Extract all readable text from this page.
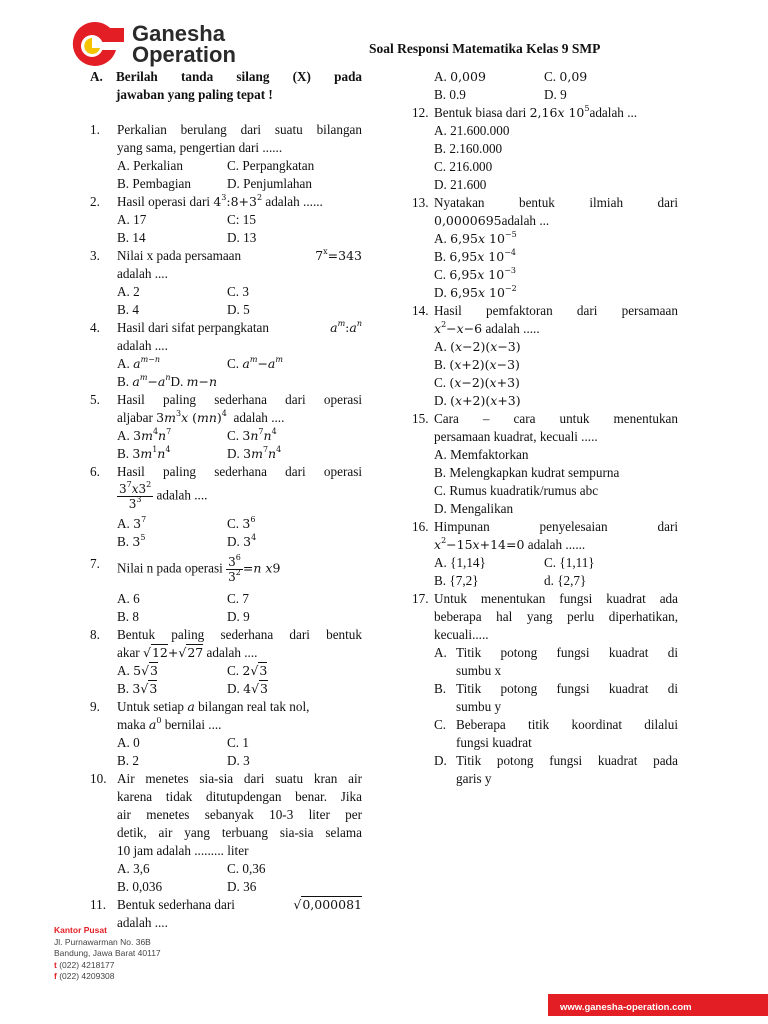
Ganesha
Operation	Soal Responsi Matematika Kelas 9 SMP
A. Berilah tanda silang (X) pada
jawaban yang paling tepat !
1.	Perkalian berulang dari suatu bilangan
yang sama, pengertian dari ......
A. Perkalian	C. Perpangkatan
B. Pembagian	D. Penjumlahan
2.	Hasil operasi dari $4^3:8+3^2$ adalah ......
A. 17	C: 15
B. 14	D. 13
3.	Nilai x pada persamaan	$7^x=343$
adalah ....
A. 2	C. 3
B. 4	D. 5
4.	Hasil dari sifat perpangkatan	$a^m:a^n$
adalah ....
A. $a^{m-n}$	C. $a^m-a^m$
B. $a^m-a^n$ D. m−n
5.	Hasil paling sederhana dari operasi
aljabar $3m^3x$ (mn)$^4$ adalah ....
A. $3m^4n^7$	C. $3n^7n^4$
B. $3m^1n^4$	D. $3m^7n^4$
6.	Hasil paling sederhana dari operasi
$\frac{3^7x3^2}{3^3}$ adalah ....
A. $3^7$	C. $3^6$
B. $3^5$	D. $3^4$
7.	Nilai n pada operasi $\frac{3^6}{3^2} =n$ x9
A. 6	C. 7
B. 8	D. 9
8.	Bentuk paling sederhana dari bentuk
akar √12+√27 adalah ....
A. 5√3	C. 2√3
B. 3√3	D. 4√3
9.	Untuk setiap a bilangan real tak nol,
maka $a^0$ bernilai ....
A. 0	C. 1
B. 2	D. 3
10. Air menetes sia-sia dari suatu kran air
karena tidak ditutupdengan benar. Jika
air menetes sebanyak 10-3 liter per
detik, air yang terbuang sia-sia selama
10 jam adalah ......... liter
A. 3,6	C. 0,36
B. 0,036	D. 36
11. Bentuk sederhana dari	√0,000081
adalah ....
A. 0,009	C. 0,09
B. 0.9	D. 9
12. Bentuk biasa dari 2,16x $10^5adalah$ ...
A. 21.600.000
B. 2.160.000
C. 216.000
D. 21.600
13. Nyatakan bentuk ilmiah dari
0,0000695adalah ...
A. 6,95x $10^{-5}$
B. 6,95x $10^{-4}$
C. 6,95x $10^{-3}$
D. 6,95x $10^{-2}$
14. Hasil pemfaktoran dari persamaan
$x^2-x-6$ adalah .....
A. (x−2)(x−3)
B. (x+2)(x−3)
C. (x−2)(x+3)
D. (x+2)(x+3)
15. Cara – cara untuk menentukan
persamaan kuadrat, kecuali .....
A. Memfaktorkan
B. Melengkapkan kudrat sempurna
C. Rumus kuadratik/rumus abc
D. Mengalikan
16. Himpunan penyelesaian dari
$x^2-15x+14=0$ adalah ......
A. {1,14}	C. {1,11}
B. {7,2}	d. {2,7}
17. Untuk menentukan fungsi kuadrat ada
beberapa hal yang perlu diperhatikan,
kecuali.....
A. Titik potong fungsi kuadrat di
sumbu x
B. Titik potong fungsi kuadrat di
sumbu y
C. Beberapa titik koordinat dilalui
fungsi kuadrat
D. Titik potong fungsi kuadrat pada
garis y
Kantor Pusat
Jl. Purnawarman No. 36B
Bandung, Jawa Barat 40117
t (022) 4218177
f (022) 4209308
www.ganesha-operation.com
